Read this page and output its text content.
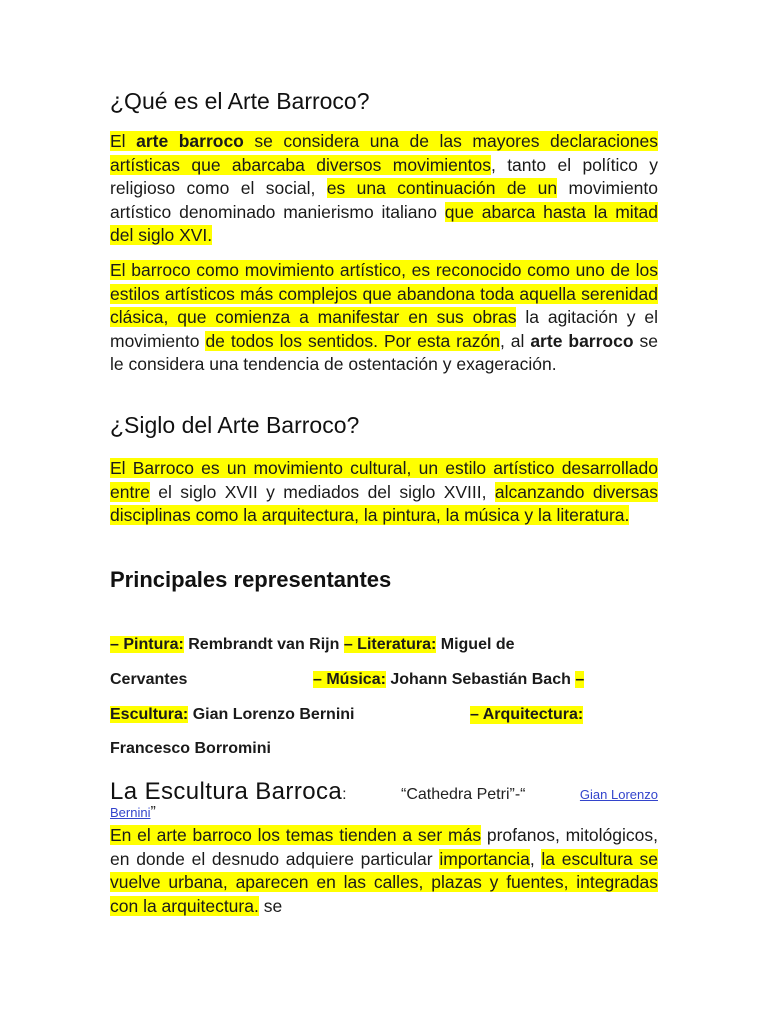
¿Qué es el Arte Barroco?
El arte barroco se considera una de las mayores declaraciones artísticas que abarcaba diversos movimientos, tanto el político y religioso como el social, es una continuación de un movimiento artístico denominado manierismo italiano que abarca hasta la mitad del siglo XVI.
El barroco como movimiento artístico, es reconocido como uno de los estilos artísticos más complejos que abandona toda aquella serenidad clásica, que comienza a manifestar en sus obras la agitación y el movimiento de todos los sentidos. Por esta razón, al arte barroco se le considera una tendencia de ostentación y exageración.
¿Siglo del Arte Barroco?
El Barroco es un movimiento cultural, un estilo artístico desarrollado entre el siglo XVII y mediados del siglo XVIII, alcanzando diversas disciplinas como la arquitectura, la pintura, la música y la literatura.
Principales representantes
– Pintura: Rembrandt van Rijn – Literatura: Miguel de
Cervantes	– Música: Johann Sebastián Bach –
Escultura: Gian Lorenzo Bernini	– Arquitectura:
Francesco Borromini
La Escultura Barroca:	“Cathedra Petri”-“	Gian Lorenzo
Bernini”
En el arte barroco los temas tienden a ser más profanos, mitológicos, en donde el desnudo adquiere particular importancia, la escultura se vuelve urbana, aparecen en las calles, plazas y fuentes, integradas con la arquitectura. se
